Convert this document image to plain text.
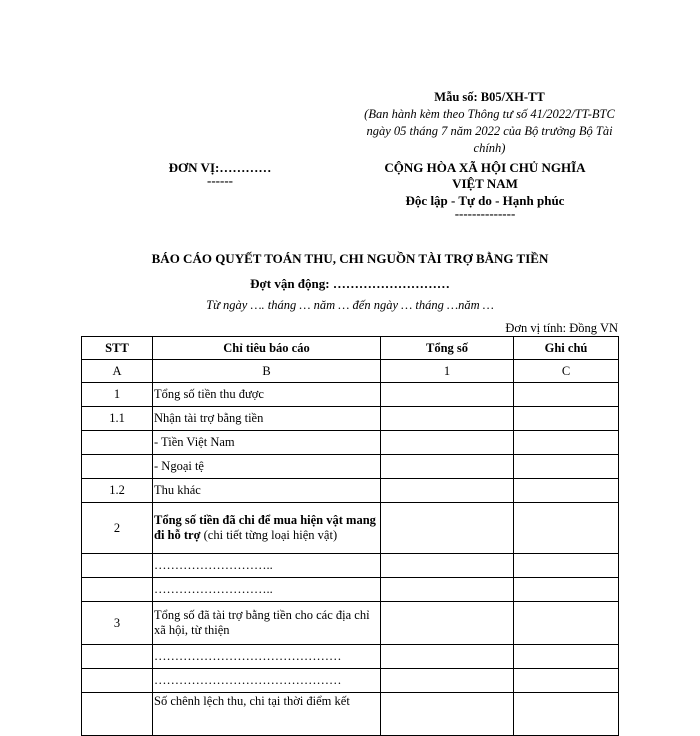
Mẫu số: B05/XH-TT
(Ban hành kèm theo Thông tư số 41/2022/TT-BTC ngày 05 tháng 7 năm 2022 của Bộ trưởng Bộ Tài chính)
ĐƠN VỊ:…………
------
CỘNG HÒA XÃ HỘI CHỦ NGHĨA
VIỆT NAM
Độc lập - Tự do - Hạnh phúc
--------------
BÁO CÁO QUYẾT TOÁN THU, CHI NGUỒN TÀI TRỢ BẰNG TIỀN
Đợt vận động: ………………………
Từ ngày …. tháng … năm … đến ngày … tháng …năm …
Đơn vị tính: Đồng VN
STT	Chỉ tiêu báo cáo	Tổng số	Ghi chú
A	B	1	C
1	Tổng số tiền thu được		
1.1	Nhận tài trợ bằng tiền		
	- Tiền Việt Nam		
	- Ngoại tệ		
1.2	Thu khác		
2	Tổng số tiền đã chi để mua hiện vật mang đi hỗ trợ (chi tiết từng loại hiện vật)		
	………………………..		
	………………………..		
3	Tổng số đã tài trợ bằng tiền cho các địa chỉ xã hội, từ thiện		
	………………………………………		
	………………………………………		
	Số chênh lệch thu, chi tại thời điểm kết		
